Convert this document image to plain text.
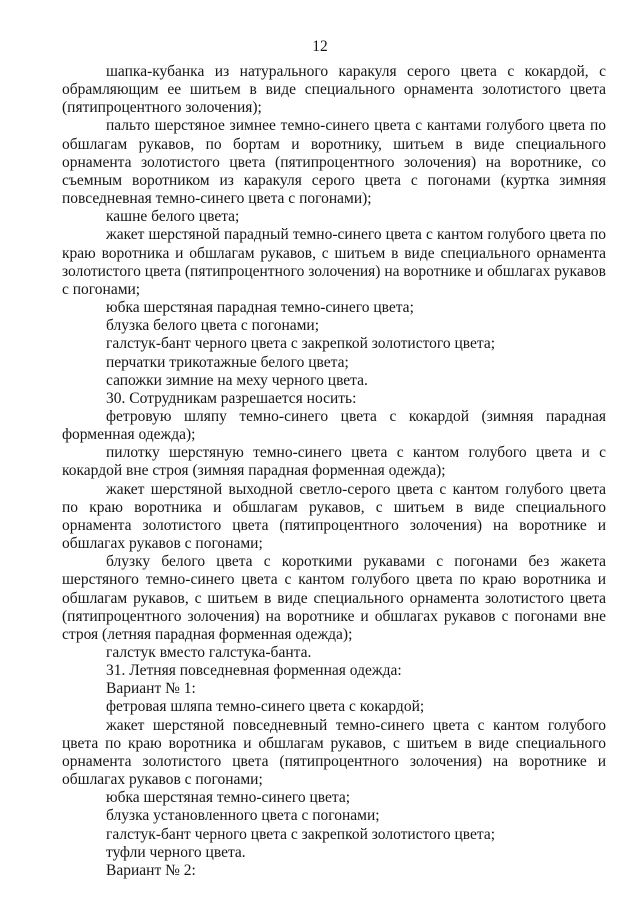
12

шапка-кубанка из натурального каракуля серого цвета с кокардой, с обрамляющим ее шитьем в виде специального орнамента золотистого цвета (пятипроцентного золочения);

пальто шерстяное зимнее темно-синего цвета с кантами голубого цвета по обшлагам рукавов, по бортам и воротнику, шитьем в виде специального орнамента золотистого цвета (пятипроцентного золочения) на воротнике, со съемным воротником из каракуля серого цвета с погонами (куртка зимняя повседневная темно-синего цвета с погонами);

кашне белого цвета;

жакет шерстяной парадный темно-синего цвета с кантом голубого цвета по краю воротника и обшлагам рукавов, с шитьем в виде специального орнамента золотистого цвета (пятипроцентного золочения) на воротнике и обшлагах рукавов с погонами;

юбка шерстяная парадная темно-синего цвета;

блузка белого цвета с погонами;

галстук-бант черного цвета с закрепкой золотистого цвета;

перчатки трикотажные белого цвета;

сапожки зимние на меху черного цвета.

30. Сотрудникам разрешается носить:

фетровую шляпу темно-синего цвета с кокардой (зимняя парадная форменная одежда);

пилотку шерстяную темно-синего цвета с кантом голубого цвета и с кокардой вне строя (зимняя парадная форменная одежда);

жакет шерстяной выходной светло-серого цвета с кантом голубого цвета по краю воротника и обшлагам рукавов, с шитьем в виде специального орнамента золотистого цвета (пятипроцентного золочения) на воротнике и обшлагах рукавов с погонами;

блузку белого цвета с короткими рукавами с погонами без жакета шерстяного темно-синего цвета с кантом голубого цвета по краю воротника и обшлагам рукавов, с шитьем в виде специального орнамента золотистого цвета (пятипроцентного золочения) на воротнике и обшлагах рукавов с погонами вне строя (летняя парадная форменная одежда);

галстук вместо галстука-банта.

31. Летняя повседневная форменная одежда:

Вариант № 1:

фетровая шляпа темно-синего цвета с кокардой;

жакет шерстяной повседневный темно-синего цвета с кантом голубого цвета по краю воротника и обшлагам рукавов, с шитьем в виде специального орнамента золотистого цвета (пятипроцентного золочения) на воротнике и обшлагах рукавов с погонами;

юбка шерстяная темно-синего цвета;

блузка установленного цвета с погонами;

галстук-бант черного цвета с закрепкой золотистого цвета;

туфли черного цвета.

Вариант № 2:
